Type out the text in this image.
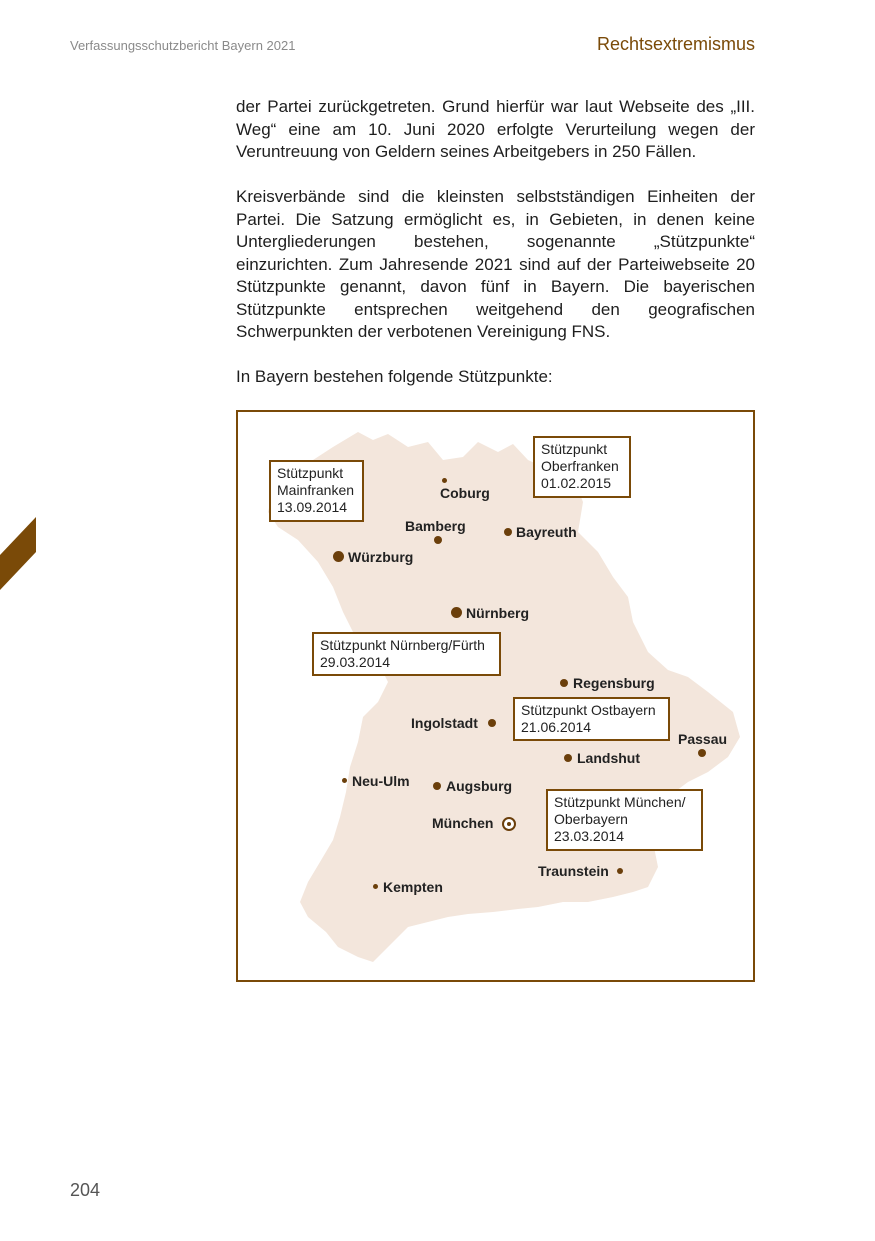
Verfassungsschutzbericht Bayern 2021	Rechtsextremismus

der Partei zurückgetreten. Grund hierfür war laut Webseite des „III. Weg“ eine am 10. Juni 2020 erfolgte Verurteilung wegen der Veruntreuung von Geldern seines Arbeitgebers in 250 Fällen.

Kreisverbände sind die kleinsten selbstständigen Einheiten der Partei. Die Satzung ermöglicht es, in Gebieten, in denen keine Untergliederungen bestehen, sogenannte „Stützpunkte“ einzurichten. Zum Jahresende 2021 sind auf der Parteiwebseite 20 Stützpunkte genannt, davon fünf in Bayern. Die bayerischen Stützpunkte entsprechen weitgehend den geografischen Schwerpunkten der verbotenen Vereinigung FNS.

In Bayern bestehen folgende Stützpunkte:

Coburg
Bamberg	Bayreuth
Würzburg
Nürnberg
Regensburg
Ingolstadt
Passau
Landshut
Neu-Ulm	Augsburg
München
Traunstein
Kempten
Stützpunkt
Mainfranken
13.09.2014
Stützpunkt
Oberfranken
01.02.2015
Stützpunkt Nürnberg/Fürth
29.03.2014
Stützpunkt Ostbayern
21.06.2014
Stützpunkt München/
Oberbayern
23.03.2014
204
